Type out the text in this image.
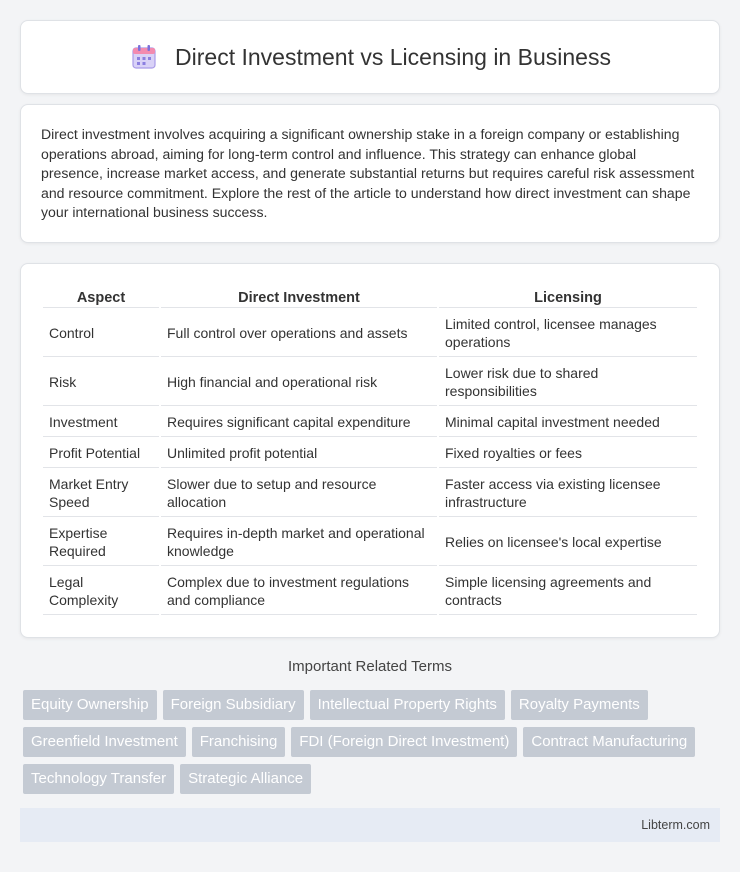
Direct Investment vs Licensing in Business

Direct investment involves acquiring a significant ownership stake in a foreign company or establishing operations abroad, aiming for long-term control and influence. This strategy can enhance global presence, increase market access, and generate substantial returns but requires careful risk assessment and resource commitment. Explore the rest of the article to understand how direct investment can shape your international business success.

Aspect	Direct Investment	Licensing
Control	Full control over operations and assets	Limited control, licensee manages operations
Risk	High financial and operational risk	Lower risk due to shared responsibilities
Investment	Requires significant capital expenditure	Minimal capital investment needed
Profit Potential	Unlimited profit potential	Fixed royalties or fees
Market Entry Speed	Slower due to setup and resource allocation	Faster access via existing licensee infrastructure
Expertise Required	Requires in-depth market and operational knowledge	Relies on licensee's local expertise
Legal Complexity	Complex due to investment regulations and compliance	Simple licensing agreements and contracts
Important Related Terms
Equity Ownership	Foreign Subsidiary	Intellectual Property Rights	Royalty Payments
Greenfield Investment	Franchising	FDI (Foreign Direct Investment)	Contract Manufacturing
Technology Transfer	Strategic Alliance
Libterm.com
